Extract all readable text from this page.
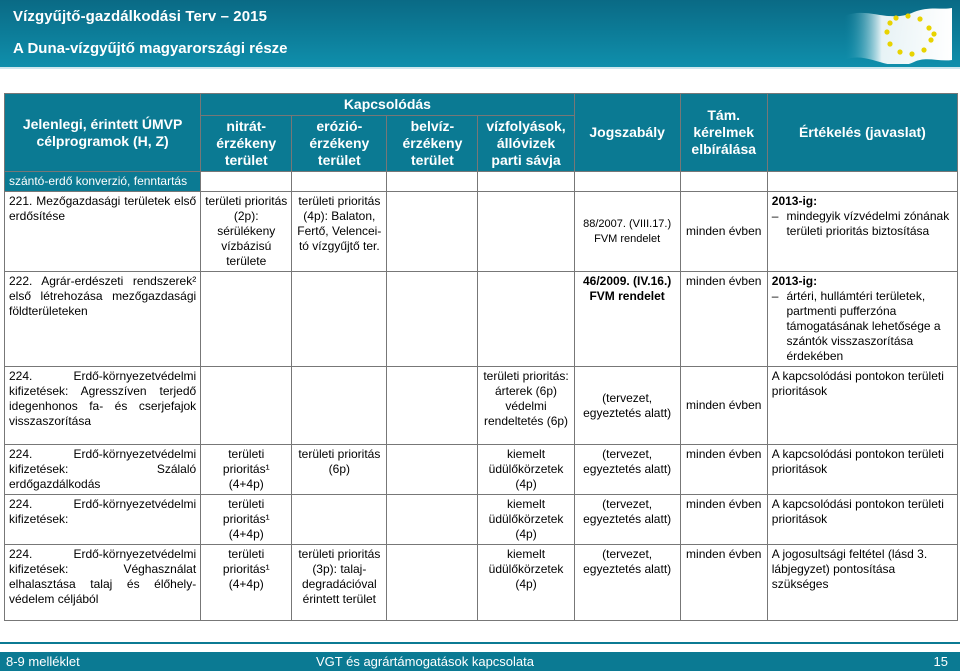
Vízgyűjtő-gazdálkodási Terv – 2015
A Duna-vízgyűjtő magyarországi része
Jelenlegi, érintett ÚMVP célprogramok (H, Z)	Kapcsolódás				Jogszabály	Tám. kérelmek elbírálása	Értékelés (javaslat)
	nitrát-érzékeny terület	erózió-érzékeny terület	belvíz-érzékeny terület	vízfolyások, állóvizek parti sávja			
szántó-erdő konverzió, fenntartás							
221. Mezőgazdasági területek első erdősítése	területi prioritás (2p): sérülékeny vízbázisú területe	területi prioritás (4p): Balaton, Fertő, Velencei-tó vízgyűjtő ter.			88/2007. (VIII.17.) FVM rendelet	minden évben	2013-ig:
– mindegyik vízvédelmi zónának területi prioritás biztosítása

222. Agrár-erdészeti rendszerek² első létrehozása mezőgazdasági földterületeken					46/2009. (IV.16.) FVM rendelet	minden évben	2013-ig:
– ártéri, hullámtéri területek, partmenti pufferzóna támogatásának lehetősége a szántók visszaszorítása érdekében

224. Erdő-környezetvédelmi kifizetések: Agresszíven terjedő idegenhonos fa- és cserjefajok visszaszorítása				területi prioritás: árterek (6p) védelmi rendeltetés (6p)	(tervezet, egyeztetés alatt)	minden évben	A kapcsolódási pontokon területi prioritások
224. Erdő-környezetvédelmi kifizetések: Szálaló erdőgazdálkodás	területi prioritás¹ (4+4p)	területi prioritás (6p)		kiemelt üdülőkörzetek (4p)	(tervezet, egyeztetés alatt)	minden évben	A kapcsolódási pontokon területi prioritások
224. Erdő-környezetvédelmi kifizetések:	területi prioritás¹ (4+4p)			kiemelt üdülőkörzetek (4p)	(tervezet, egyeztetés alatt)	minden évben	A kapcsolódási pontokon területi prioritások
224. Erdő-környezetvédelmi kifizetések: Véghasználat elhalasztása talaj és élőhely-védelem céljából	területi prioritás¹ (4+4p)	területi prioritás (3p): talaj-degradációval érintett terület		kiemelt üdülőkörzetek (4p)	(tervezet, egyeztetés alatt)	minden évben	A jogosultsági feltétel (lásd 3. lábjegyzet) pontosítása szükséges
8-9 melléklet	VGT és agrártámogatások kapcsolata	15
